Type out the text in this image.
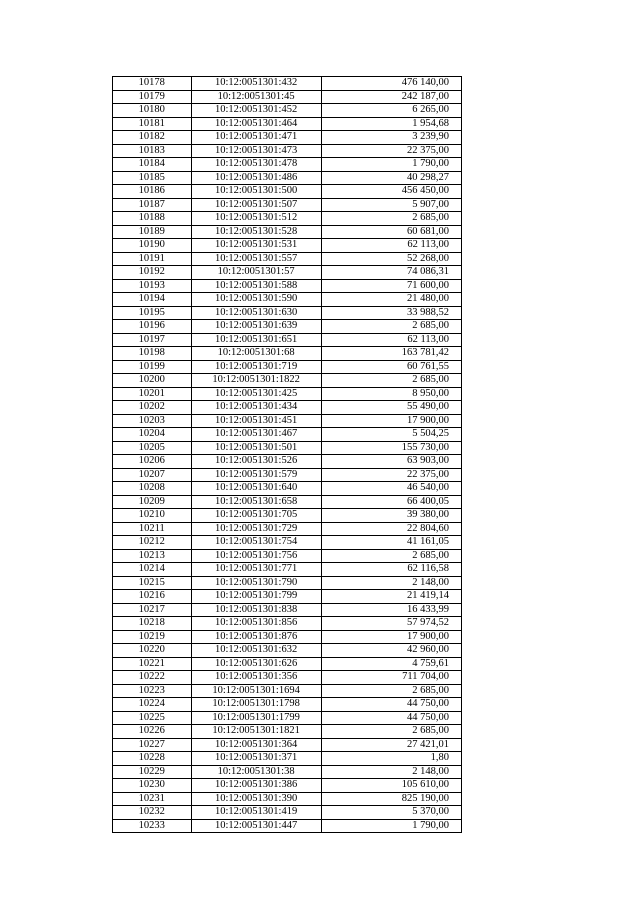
10178	10:12:0051301:432	476 140,00
10179	10:12:0051301:45	242 187,00
10180	10:12:0051301:452	6 265,00
10181	10:12:0051301:464	1 954,68
10182	10:12:0051301:471	3 239,90
10183	10:12:0051301:473	22 375,00
10184	10:12:0051301:478	1 790,00
10185	10:12:0051301:486	40 298,27
10186	10:12:0051301:500	456 450,00
10187	10:12:0051301:507	5 907,00
10188	10:12:0051301:512	2 685,00
10189	10:12:0051301:528	60 681,00
10190	10:12:0051301:531	62 113,00
10191	10:12:0051301:557	52 268,00
10192	10:12:0051301:57	74 086,31
10193	10:12:0051301:588	71 600,00
10194	10:12:0051301:590	21 480,00
10195	10:12:0051301:630	33 988,52
10196	10:12:0051301:639	2 685,00
10197	10:12:0051301:651	62 113,00
10198	10:12:0051301:68	163 781,42
10199	10:12:0051301:719	60 761,55
10200	10:12:0051301:1822	2 685,00
10201	10:12:0051301:425	8 950,00
10202	10:12:0051301:434	55 490,00
10203	10:12:0051301:451	17 900,00
10204	10:12:0051301:467	5 504,25
10205	10:12:0051301:501	155 730,00
10206	10:12:0051301:526	63 903,00
10207	10:12:0051301:579	22 375,00
10208	10:12:0051301:640	46 540,00
10209	10:12:0051301:658	66 400,05
10210	10:12:0051301:705	39 380,00
10211	10:12:0051301:729	22 804,60
10212	10:12:0051301:754	41 161,05
10213	10:12:0051301:756	2 685,00
10214	10:12:0051301:771	62 116,58
10215	10:12:0051301:790	2 148,00
10216	10:12:0051301:799	21 419,14
10217	10:12:0051301:838	16 433,99
10218	10:12:0051301:856	57 974,52
10219	10:12:0051301:876	17 900,00
10220	10:12:0051301:632	42 960,00
10221	10:12:0051301:626	4 759,61
10222	10:12:0051301:356	711 704,00
10223	10:12:0051301:1694	2 685,00
10224	10:12:0051301:1798	44 750,00
10225	10:12:0051301:1799	44 750,00
10226	10:12:0051301:1821	2 685,00
10227	10:12:0051301:364	27 421,01
10228	10:12:0051301:371	1,80
10229	10:12:0051301:38	2 148,00
10230	10:12:0051301:386	105 610,00
10231	10:12:0051301:390	825 190,00
10232	10:12:0051301:419	5 370,00
10233	10:12:0051301:447	1 790,00
